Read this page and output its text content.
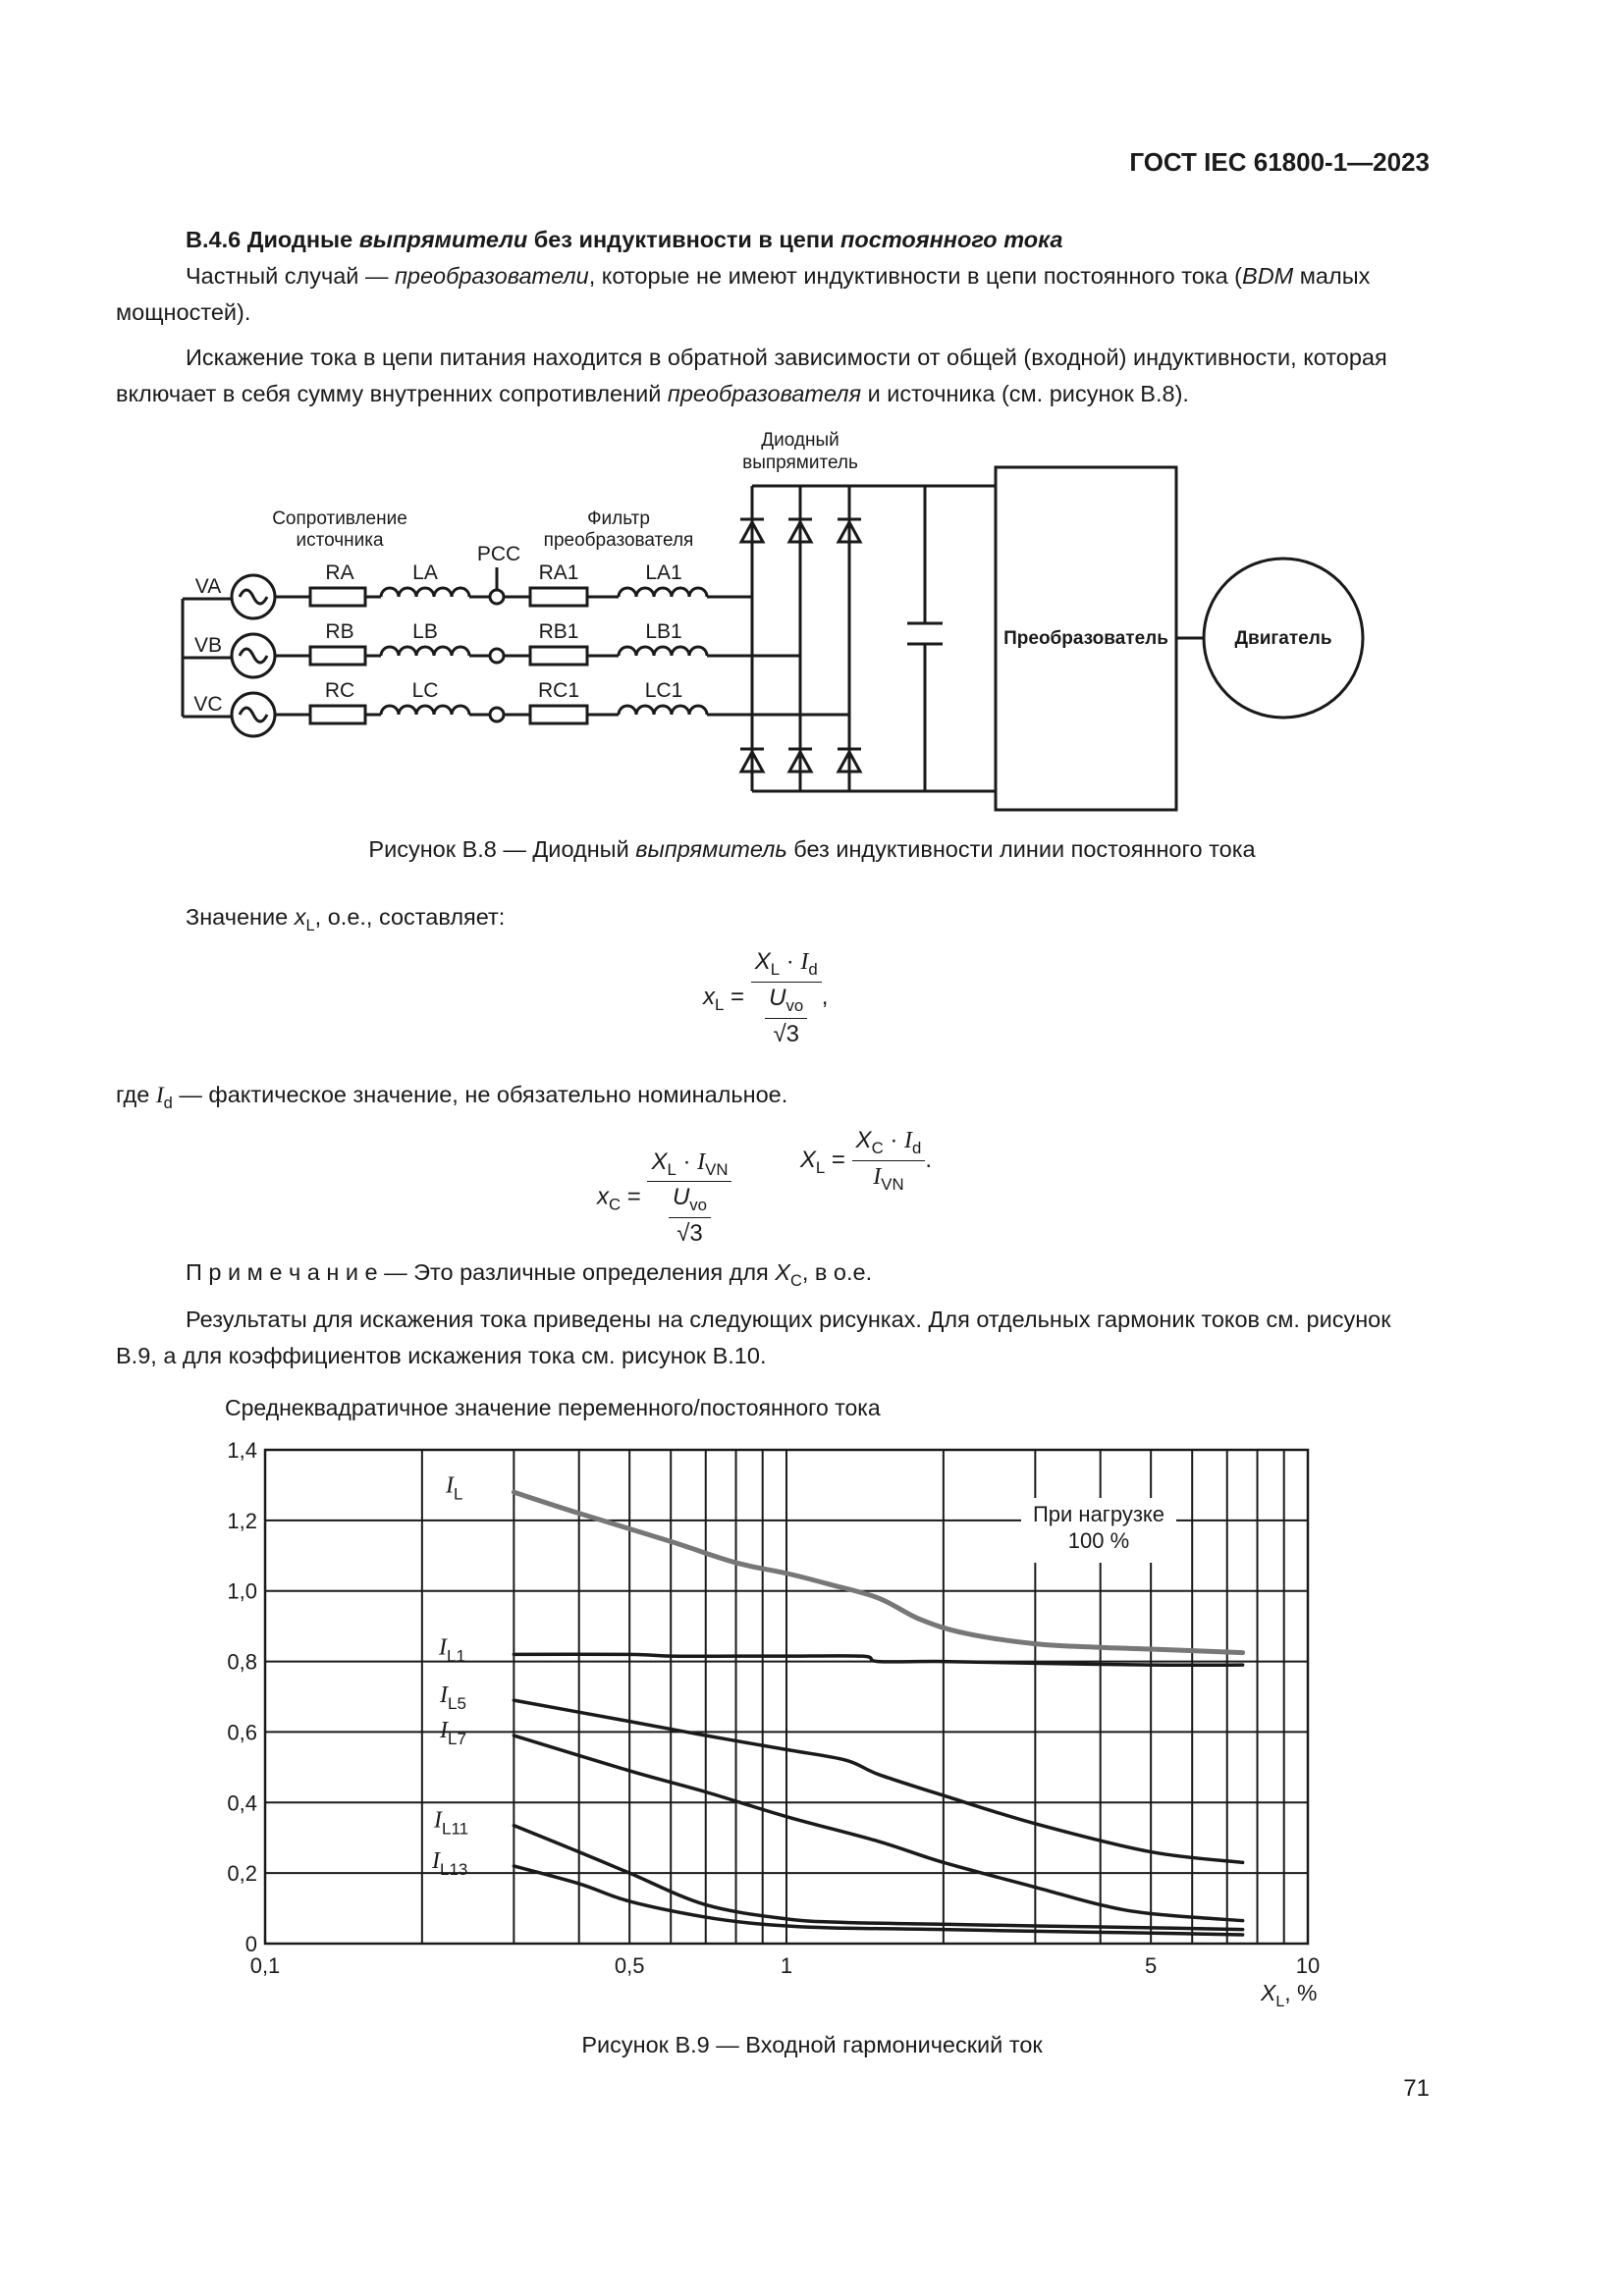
ГОСТ IEC 61800-1—2023
В.4.6 Диодные выпрямители без индуктивности в цепи постоянного тока
Частный случай — преобразователи, которые не имеют индуктивности в цепи постоянного тока (BDM малых мощностей).
Искажение тока в цепи питания находится в обратной зависимости от общей (входной) индуктивности, которая включает в себя сумму внутренних сопротивлений преобразователя и источника (см. рисунок В.8).
Диодный
выпрямитель
Сопротивление
источника
Фильтр
преобразователя
PCC
VA
VB
VC
RA
RB
RC
LA
LB
LC
RA1
RB1
RC1
LA1
LB1
LC1
Преобразователь	Двигатель
Рисунок В.8 — Диодный выпрямитель без индуктивности линии постоянного тока
Значение $x_L$, о.е., составляет:
$x_L = \frac{X_L \cdot I_d}{\frac{U_{vo}}{√3}}$ ,
где $I_d$ — фактическое значение, не обязательно номинальное.
$x_C = \frac{X_L \cdot I_{VN}}{\frac{U_{vo}}{√3}}$	$X_L = \frac{X_C \cdot I_d}{I_{VN}}$ .
П р и м е ч а н и е — Это различные определения для $X_C$, в о.е.
Результаты для искажения тока приведены на следующих рисунках. Для отдельных гармоник токов см. рисунок В.9, а для коэффициентов искажения тока см. рисунок В.10.
Среднеквадратичное значение переменного/постоянного тока
0
0,2
0,4
0,6
0,8
1,0
1,2
1,4
0,1	0,5	1	5	10
$X_L$, %
При нагрузке
100 %
$I_L$
$I_{L1}$
$I_{L5}$
$I_{L7}$
$I_{L11}$
$I_{L13}$
Рисунок В.9 — Входной гармонический ток
71
